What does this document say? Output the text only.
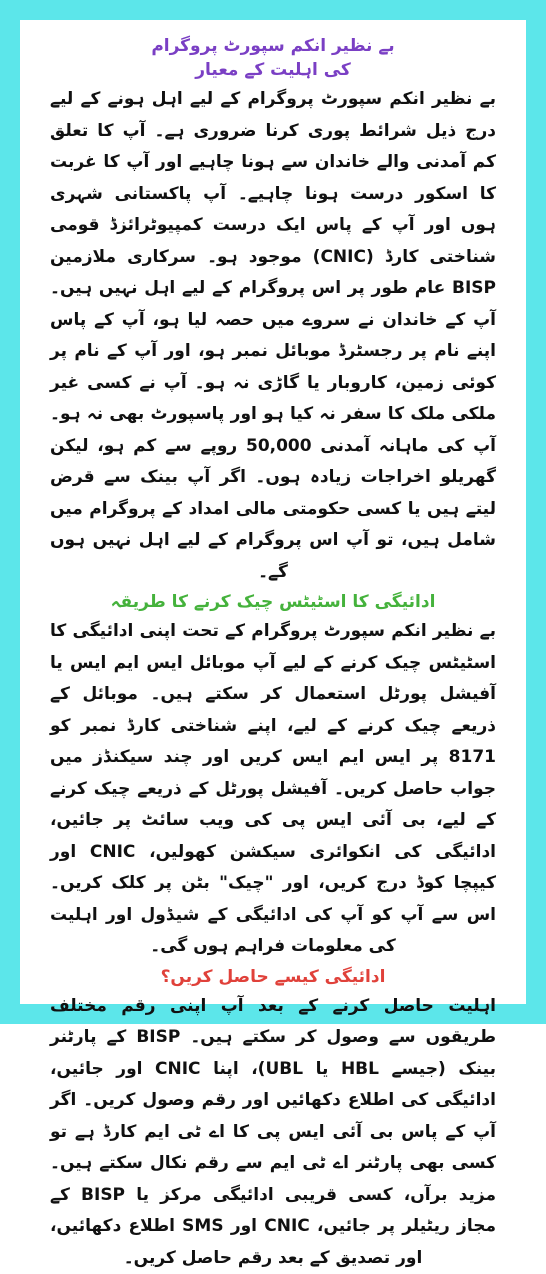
بے نظیر انکم سپورٹ پروگرام

کی اہلیت کے معیار

بے نظیر انکم سپورٹ پروگرام کے لیے اہل ہونے کے لیے درج ذیل شرائط پوری کرنا ضروری ہے۔ آپ کا تعلق کم آمدنی والے خاندان سے ہونا چاہیے اور آپ کا غربت کا اسکور درست ہونا چاہیے۔ آپ پاکستانی شہری ہوں اور آپ کے پاس ایک درست کمپیوٹرائزڈ قومی شناختی کارڈ (CNIC) موجود ہو۔ سرکاری ملازمین BISP عام طور پر اس پروگرام کے لیے اہل نہیں ہیں۔ آپ کے خاندان نے سروے میں حصہ لیا ہو، آپ کے پاس اپنے نام پر رجسٹرڈ موبائل نمبر ہو، اور آپ کے نام پر کوئی زمین، کاروبار یا گاڑی نہ ہو۔ آپ نے کسی غیر ملکی ملک کا سفر نہ کیا ہو اور پاسپورٹ بھی نہ ہو۔ آپ کی ماہانہ آمدنی 50,000 روپے سے کم ہو، لیکن گھریلو اخراجات زیادہ ہوں۔ اگر آپ بینک سے قرض لیتے ہیں یا کسی حکومتی مالی امداد کے پروگرام میں شامل ہیں، تو آپ اس پروگرام کے لیے اہل نہیں ہوں گے۔

ادائیگی کا اسٹیٹس چیک کرنے کا طریقہ

بے نظیر انکم سپورٹ پروگرام کے تحت اپنی ادائیگی کا اسٹیٹس چیک کرنے کے لیے آپ موبائل ایس ایم ایس یا آفیشل پورٹل استعمال کر سکتے ہیں۔ موبائل کے ذریعے چیک کرنے کے لیے، اپنے شناختی کارڈ نمبر کو 8171 پر ایس ایم ایس کریں اور چند سیکنڈز میں جواب حاصل کریں۔ آفیشل پورٹل کے ذریعے چیک کرنے کے لیے، بی آئی ایس پی کی ویب سائٹ پر جائیں، ادائیگی کی انکوائری سیکشن کھولیں، CNIC اور کیپچا کوڈ درج کریں، اور "چیک" بٹن پر کلک کریں۔ اس سے آپ کو آپ کی ادائیگی کے شیڈول اور اہلیت کی معلومات فراہم ہوں گی۔

ادائیگی کیسے حاصل کریں؟

اہلیت حاصل کرنے کے بعد آپ اپنی رقم مختلف طریقوں سے وصول کر سکتے ہیں۔ BISP کے پارٹنر بینک (جیسے HBL یا UBL)، اپنا CNIC اور جائیں، ادائیگی کی اطلاع دکھائیں اور رقم وصول کریں۔ اگر آپ کے پاس بی آئی ایس پی کا اے ٹی ایم کارڈ ہے تو کسی بھی پارٹنر اے ٹی ایم سے رقم نکال سکتے ہیں۔ مزید برآں، کسی قریبی ادائیگی مرکز یا BISP کے مجاز ریٹیلر پر جائیں، CNIC اور SMS اطلاع دکھائیں، اور تصدیق کے بعد رقم حاصل کریں۔
